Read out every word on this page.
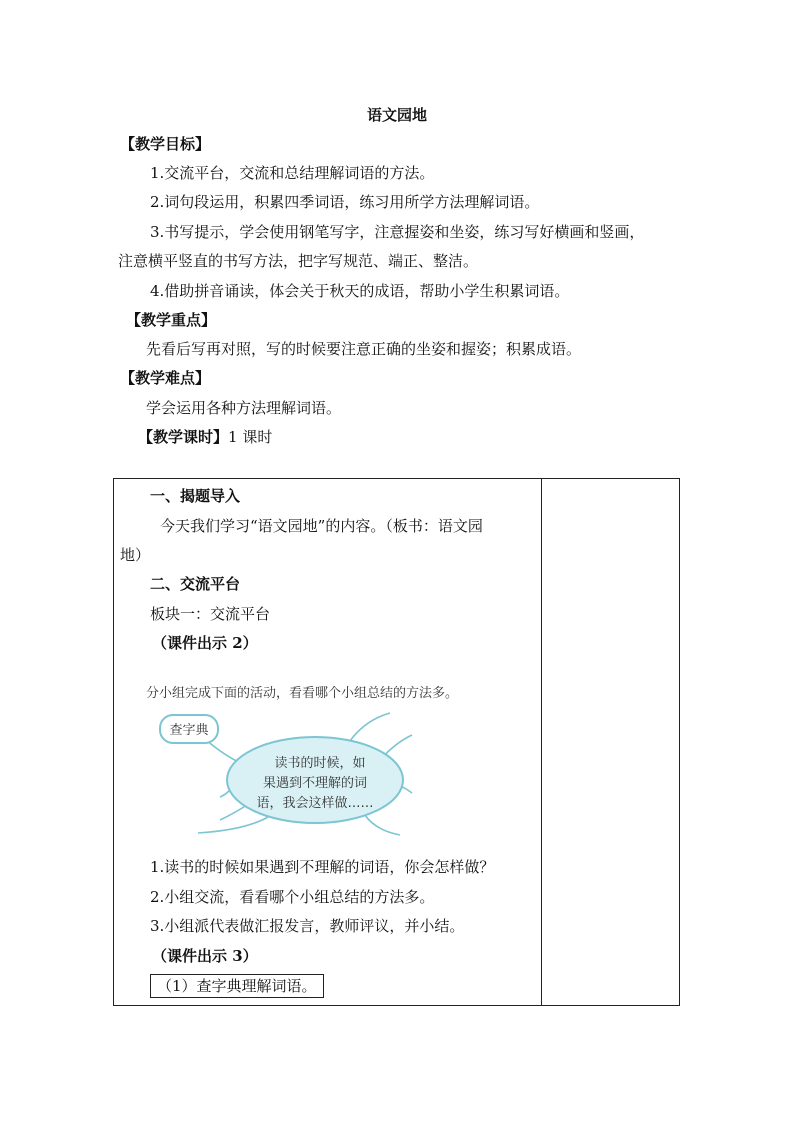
语文园地
【教学目标】
1.交流平台，交流和总结理解词语的方法。
2.词句段运用，积累四季词语，练习用所学方法理解词语。
3.书写提示，学会使用钢笔写字，注意握姿和坐姿，练习写好横画和竖画，
注意横平竖直的书写方法，把字写规范、端正、整洁。
4.借助拼音诵读，体会关于秋天的成语，帮助小学生积累词语。
【教学重点】
先看后写再对照，写的时候要注意正确的坐姿和握姿；积累成语。
【教学难点】
学会运用各种方法理解词语。
【教学课时】1 课时
一、揭题导入
今天我们学习“语文园地”的内容。（板书：语文园
地）
二、交流平台
板块一：交流平台
（课件出示 2）
分小组完成下面的活动，看看哪个小组总结的方法多。
查字典
读书的时候，如
果遇到不理解的词
语，我会这样做……
1.读书的时候如果遇到不理解的词语，你会怎样做？
2.小组交流，看看哪个小组总结的方法多。
3.小组派代表做汇报发言，教师评议，并小结。
（课件出示 3）
（1）查字典理解词语。
